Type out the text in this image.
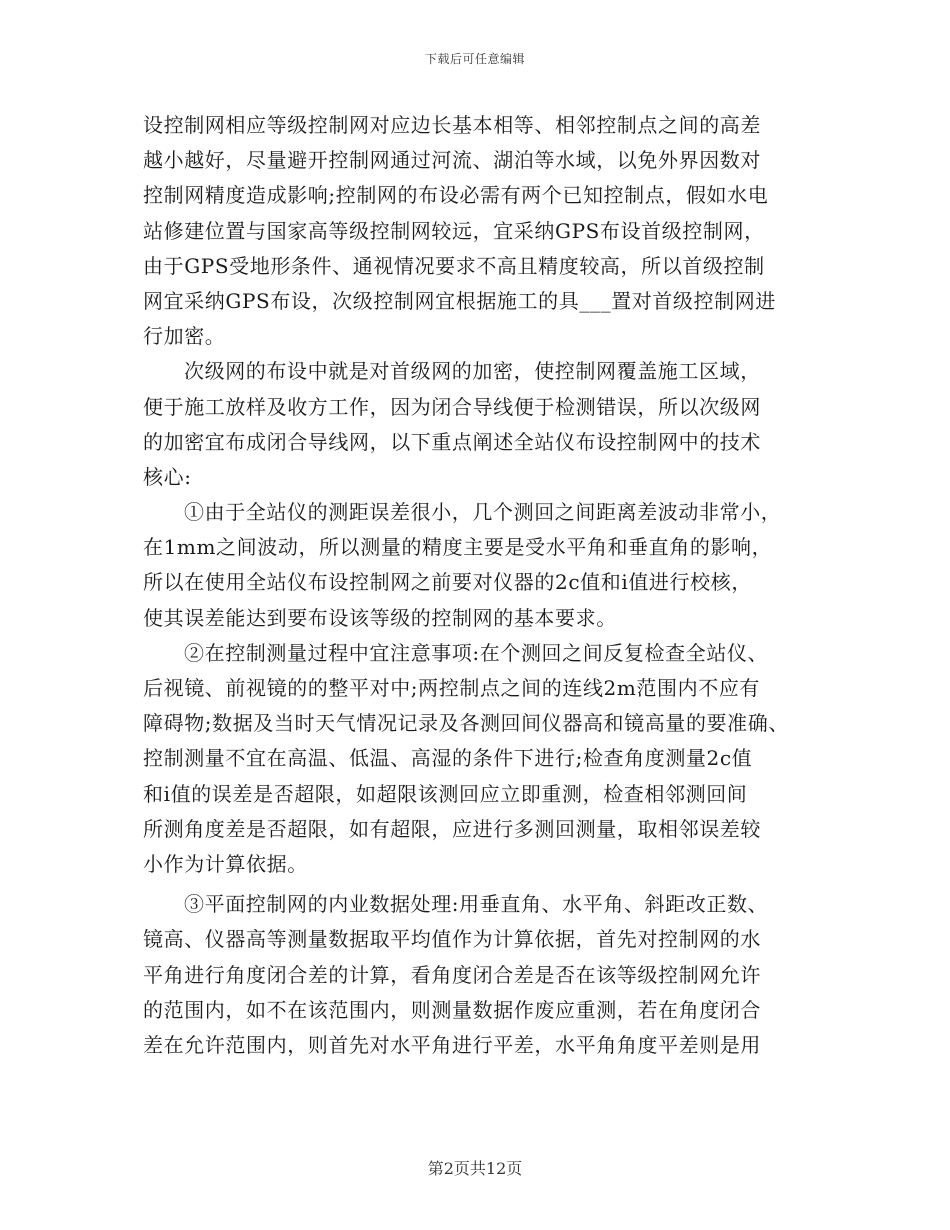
下载后可任意编辑
设控制网相应等级控制网对应边长基本相等、相邻控制点之间的高差
越小越好，尽量避开控制网通过河流、湖泊等水域，以免外界因数对
控制网精度造成影响;控制网的布设必需有两个已知控制点，假如水电
站修建位置与国家高等级控制网较远，宜采纳GPS布设首级控制网，
由于GPS受地形条件、通视情况要求不高且精度较高，所以首级控制
网宜采纳GPS布设，次级控制网宜根据施工的具___置对首级控制网进
行加密。
次级网的布设中就是对首级网的加密，使控制网覆盖施工区域，
便于施工放样及收方工作，因为闭合导线便于检测错误，所以次级网
的加密宜布成闭合导线网，以下重点阐述全站仪布设控制网中的技术
核心:
①由于全站仪的测距误差很小，几个测回之间距离差波动非常小，
在1mm之间波动，所以测量的精度主要是受水平角和垂直角的影响，
所以在使用全站仪布设控制网之前要对仪器的2c值和i值进行校核，
使其误差能达到要布设该等级的控制网的基本要求。
②在控制测量过程中宜注意事项:在个测回之间反复检查全站仪、
后视镜、前视镜的的整平对中;两控制点之间的连线2m范围内不应有
障碍物;数据及当时天气情况记录及各测回间仪器高和镜高量的要准确、
控制测量不宜在高温、低温、高湿的条件下进行;检查角度测量2c值
和i值的误差是否超限，如超限该测回应立即重测，检查相邻测回间
所测角度差是否超限，如有超限，应进行多测回测量，取相邻误差较
小作为计算依据。
③平面控制网的内业数据处理:用垂直角、水平角、斜距改正数、
镜高、仪器高等测量数据取平均值作为计算依据，首先对控制网的水
平角进行角度闭合差的计算，看角度闭合差是否在该等级控制网允许
的范围内，如不在该范围内，则测量数据作废应重测，若在角度闭合
差在允许范围内，则首先对水平角进行平差，水平角角度平差则是用
第2页共12页
